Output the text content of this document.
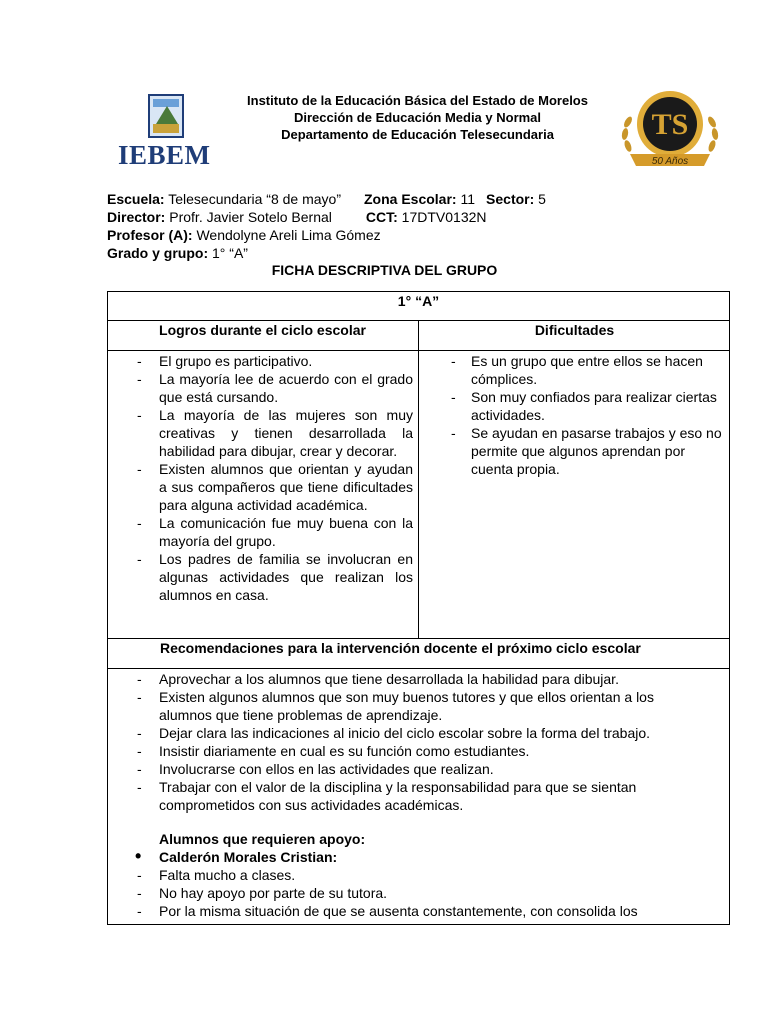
IEBEM
Instituto de la Educación Básica del Estado de Morelos
Dirección de Educación Media y Normal
Departamento de Educación Telesecundaria	TS
50 Años
Escuela: Telesecundaria “8 de mayo” Zona Escolar: 11 Sector: 5
Director: Profr. Javier Sotelo Bernal CCT: 17DTV0132N
Profesor (A): Wendolyne Areli Lima Gómez
Grado y grupo: 1° “A”
FICHA DESCRIPTIVA DEL GRUPO
1° “A”
Logros durante el ciclo escolar	Dificultades
- El grupo es participativo.
- La mayoría lee de acuerdo con el grado que está cursando.
- La mayoría de las mujeres son muy creativas y tienen desarrollada la habilidad para dibujar, crear y decorar.
- Existen alumnos que orientan y ayudan a sus compañeros que tiene dificultades para alguna actividad académica.
- La comunicación fue muy buena con la mayoría del grupo.
- Los padres de familia se involucran en algunas actividades que realizan los alumnos en casa.
- Es un grupo que entre ellos se hacen cómplices.
- Son muy confiados para realizar ciertas actividades.
- Se ayudan en pasarse trabajos y eso no permite que algunos aprendan por cuenta propia.
Recomendaciones para la intervención docente el próximo ciclo escolar
- Aprovechar a los alumnos que tiene desarrollada la habilidad para dibujar.
- Existen algunos alumnos que son muy buenos tutores y que ellos orientan a los alumnos que tiene problemas de aprendizaje.
- Dejar clara las indicaciones al inicio del ciclo escolar sobre la forma del trabajo.
- Insistir diariamente en cual es su función como estudiantes.
- Involucrarse con ellos en las actividades que realizan.
- Trabajar con el valor de la disciplina y la responsabilidad para que se sientan comprometidos con sus actividades académicas.
Alumnos que requieren apoyo:
• Calderón Morales Cristian:
- Falta mucho a clases.
- No hay apoyo por parte de su tutora.
- Por la misma situación de que se ausenta constantemente, con consolida los
